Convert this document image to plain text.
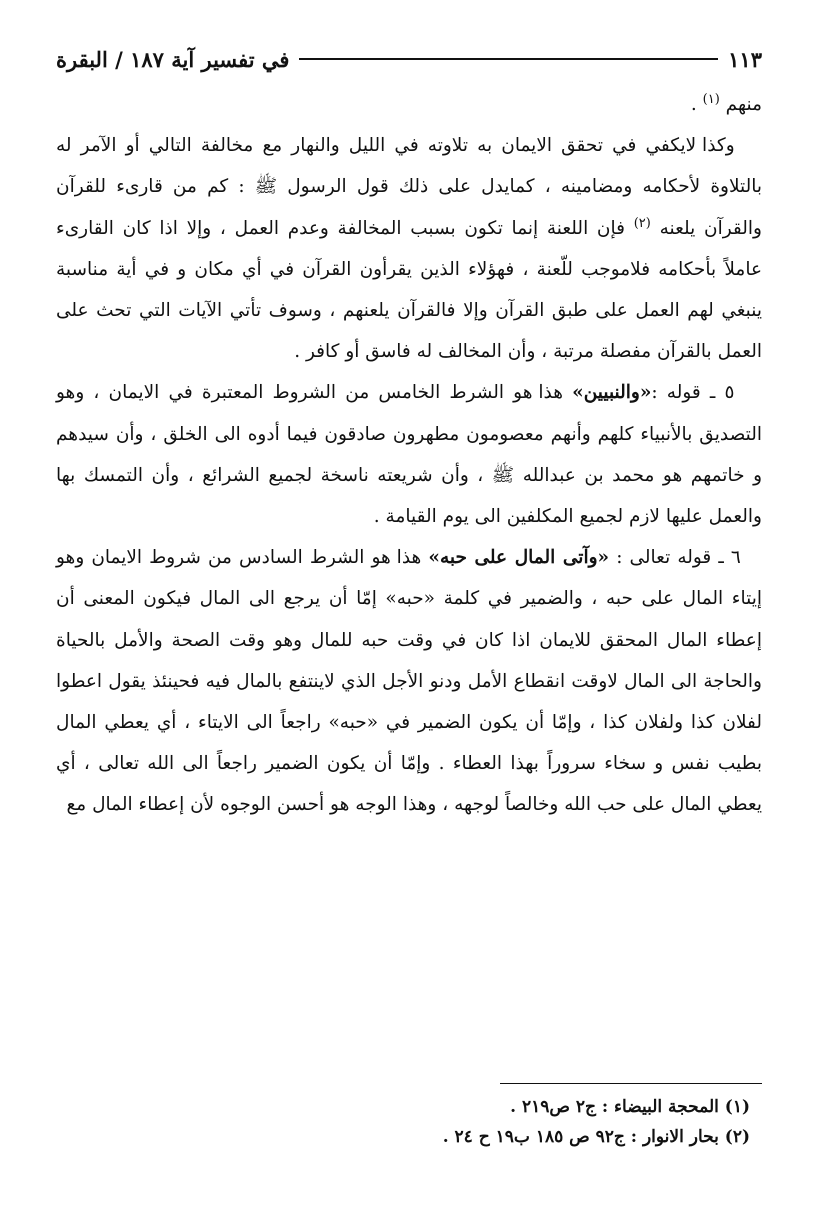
في تفسير آية ١٨٧ / البقرة	١١٣

منهم $^{(١)}$ .

وكذا لايكفي في تحقق الايمان به تلاوته في الليل والنهار مع مخالفة التالي أو الآمر له بالتلاوة لأحكامه ومضامينه ، كمايدل على ذلك قول الرسول ﷺ : كم من قارىء للقرآن والقرآن يلعنه $^{(٢)}$ فإن اللعنة إنما تكون بسبب المخالفة وعدم العمل ، وإلا اذا كان القارىء عاملاً بأحكامه فلاموجب للّعنة ، فهؤلاء الذين يقرأون القرآن في أي مكان و في أية مناسبة ينبغي لهم العمل على طبق القرآن وإلا فالقرآن يلعنهم ، وسوف تأتي الآيات التي تحث على العمل بالقرآن مفصلة مرتبة ، وأن المخالف له فاسق أو كافر .

٥ ـ قوله :«والنبيين» هذا هو الشرط الخامس من الشروط المعتبرة في الايمان ، وهو التصديق بالأنبياء كلهم وأنهم معصومون مطهرون صادقون فيما أدوه الى الخلق ، وأن سيدهم و خاتمهم هو محمد بن عبدالله ﷺ ، وأن شريعته ناسخة لجميع الشرائع ، وأن التمسك بها والعمل عليها لازم لجميع المكلفين الى يوم القيامة .

٦ ـ قوله تعالى : «وآتى المال على حبه» هذا هو الشرط السادس من شروط الايمان وهو إيتاء المال على حبه ، والضمير في كلمة «حبه» إمّا أن يرجع الى المال فيكون المعنى أن إعطاء المال المحقق للايمان اذا كان في وقت حبه للمال وهو وقت الصحة والأمل بالحياة والحاجة الى المال لاوقت انقطاع الأمل ودنو الأجل الذي لاينتفع بالمال فيه فحينئذ يقول اعطوا لفلان كذا ولفلان كذا ، وإمّا أن يكون الضمير في «حبه» راجعاً الى الايتاء ، أي يعطي المال بطيب نفس و سخاء سروراً بهذا العطاء . وإمّا أن يكون الضمير راجعاً الى الله تعالى ، أي يعطي المال على حب الله وخالصاً لوجهه ، وهذا الوجه هو أحسن الوجوه لأن إعطاء المال مع

(١) المحجة البيضاء : ج٢ ص٢١٩ .
(٢) بحار الانوار : ج٩٢ ص ١٨٥ ب١٩ ح ٢٤ .
